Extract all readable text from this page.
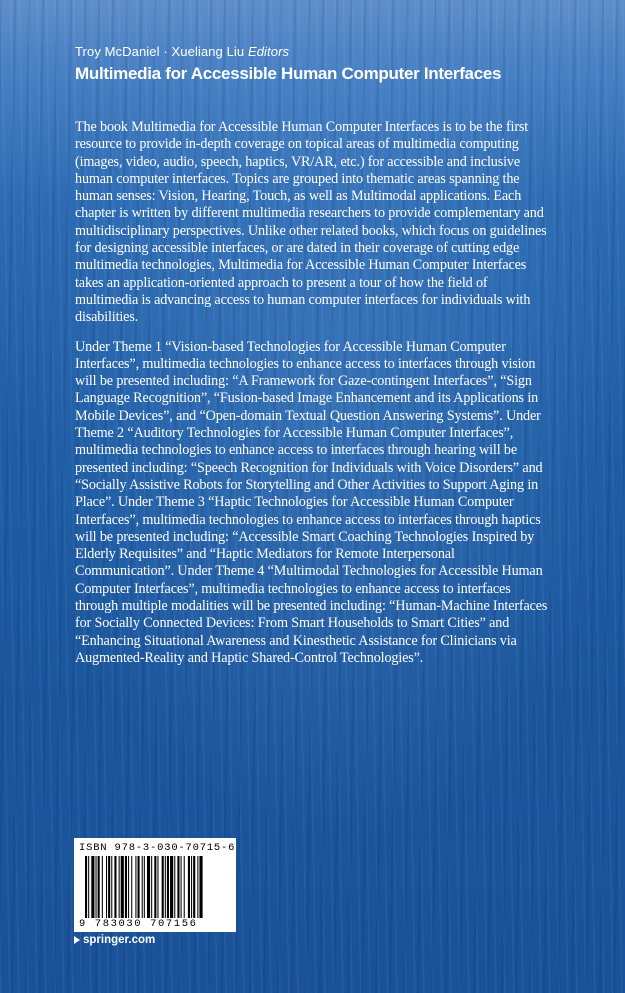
Troy McDaniel · Xueliang Liu Editors
Multimedia for Accessible Human Computer Interfaces

The book Multimedia for Accessible Human Computer Interfaces is to be the first resource to provide in-depth coverage on topical areas of multimedia computing (images, video, audio, speech, haptics, VR/AR, etc.) for accessible and inclusive human computer interfaces. Topics are grouped into thematic areas spanning the human senses: Vision, Hearing, Touch, as well as Multimodal applications. Each chapter is written by different multimedia researchers to provide complementary and multidisciplinary perspectives. Unlike other related books, which focus on guidelines for designing accessible interfaces, or are dated in their coverage of cutting edge multimedia technologies, Multimedia for Accessible Human Computer Interfaces takes an application-oriented approach to present a tour of how the field of multimedia is advancing access to human computer interfaces for individuals with disabilities.

Under Theme 1 “Vision-based Technologies for Accessible Human Computer Interfaces”, multimedia technologies to enhance access to interfaces through vision will be presented including: “A Framework for Gaze-contingent Interfaces”, “Sign Language Recognition”, “Fusion-based Image Enhancement and its Applications in Mobile Devices”, and “Open-domain Textual Question Answering Systems”. Under Theme 2 “Auditory Technologies for Accessible Human Computer Interfaces”, multimedia technologies to enhance access to interfaces through hearing will be presented including: “Speech Recognition for Individuals with Voice Disorders” and “Socially Assistive Robots for Storytelling and Other Activities to Support Aging in Place”. Under Theme 3 “Haptic Technologies for Accessible Human Computer Interfaces”, multimedia technologies to enhance access to interfaces through haptics will be presented including: “Accessible Smart Coaching Technologies Inspired by Elderly Requisites” and “Haptic Mediators for Remote Interpersonal Communication”. Under Theme 4 “Multimodal Technologies for Accessible Human Computer Interfaces”, multimedia technologies to enhance access to interfaces through multiple modalities will be presented including: “Human-Machine Interfaces for Socially Connected Devices: From Smart Households to Smart Cities” and “Enhancing Situational Awareness and Kinesthetic Assistance for Clinicians via Augmented-Reality and Haptic Shared-Control Technologies”.

ISBN 978-3-030-70715-6
9 783030 707156
springer.com
